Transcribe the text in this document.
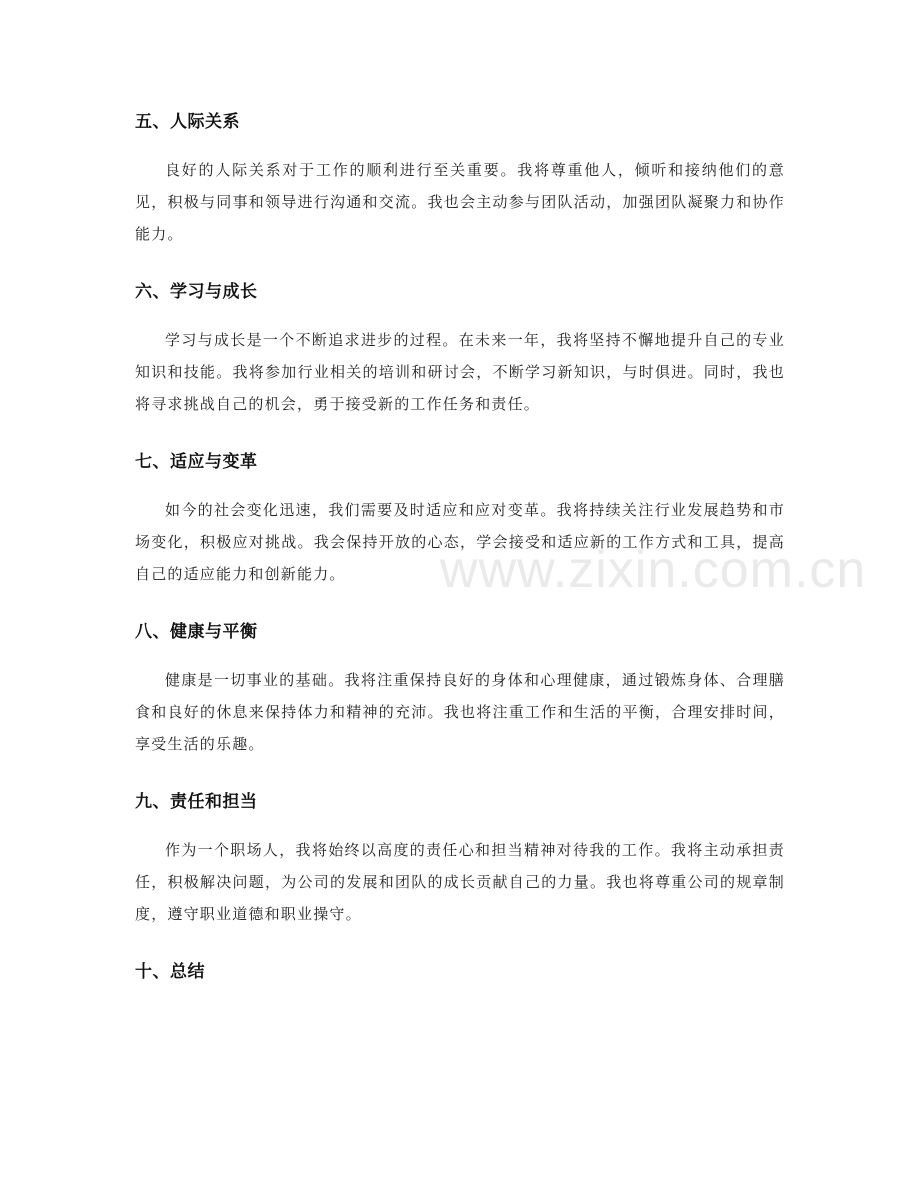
五、人际关系

良好的人际关系对于工作的顺利进行至关重要。我将尊重他人，倾听和接纳他们的意见，积极与同事和领导进行沟通和交流。我也会主动参与团队活动，加强团队凝聚力和协作能力。

六、学习与成长

学习与成长是一个不断追求进步的过程。在未来一年，我将坚持不懈地提升自己的专业知识和技能。我将参加行业相关的培训和研讨会，不断学习新知识，与时俱进。同时，我也将寻求挑战自己的机会，勇于接受新的工作任务和责任。

七、适应与变革

如今的社会变化迅速，我们需要及时适应和应对变革。我将持续关注行业发展趋势和市场变化，积极应对挑战。我会保持开放的心态，学会接受和适应新的工作方式和工具，提高自己的适应能力和创新能力。

八、健康与平衡

健康是一切事业的基础。我将注重保持良好的身体和心理健康，通过锻炼身体、合理膳食和良好的休息来保持体力和精神的充沛。我也将注重工作和生活的平衡，合理安排时间，享受生活的乐趣。

九、责任和担当

作为一个职场人，我将始终以高度的责任心和担当精神对待我的工作。我将主动承担责任，积极解决问题，为公司的发展和团队的成长贡献自己的力量。我也将尊重公司的规章制度，遵守职业道德和职业操守。

十、总结
www.zixin.com.cn
